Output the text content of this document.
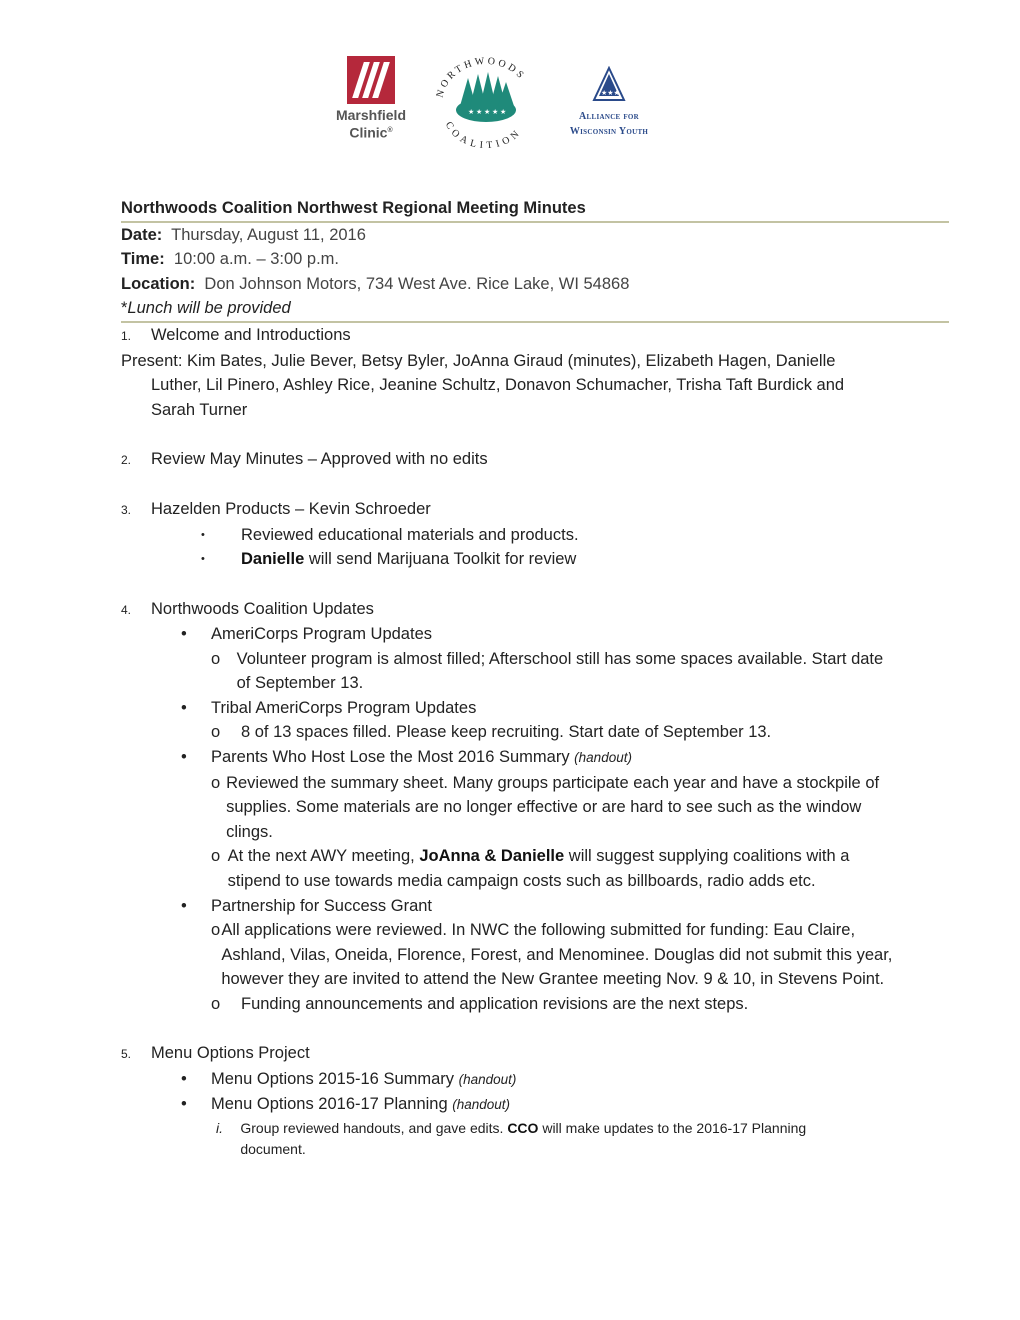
Marshfield
Clinic®
NORTHWOODS
COALITION
★ ★ ★ ★ ★
★★★
Alliance for
Wisconsin Youth
Northwoods Coalition Northwest Regional Meeting Minutes
Date: Thursday, August 11, 2016
Time: 10:00 a.m. – 3:00 p.m.
Location: Don Johnson Motors, 734 West Ave. Rice Lake, WI 54868
*Lunch will be provided
1.	Welcome and Introductions
Present: Kim Bates, Julie Bever, Betsy Byler, JoAnna Giraud (minutes), Elizabeth Hagen, Danielle Luther, Lil Pinero, Ashley Rice, Jeanine Schultz, Donavon Schumacher, Trisha Taft Burdick and Sarah Turner
2.	Review May Minutes – Approved with no edits
3.	Hazelden Products – Kevin Schroeder
•	Reviewed educational materials and products.
•	Danielle will send Marijuana Toolkit for review
4.	Northwoods Coalition Updates
•	AmeriCorps Program Updates
o Volunteer program is almost filled; Afterschool still has some spaces available. Start date of September 13.
•	Tribal AmeriCorps Program Updates
o	8 of 13 spaces filled. Please keep recruiting. Start date of September 13.
•	Parents Who Host Lose the Most 2016 Summary (handout)
o Reviewed the summary sheet. Many groups participate each year and have a stockpile of supplies. Some materials are no longer effective or are hard to see such as the window clings.
o At the next AWY meeting, JoAnna & Danielle will suggest supplying coalitions with a stipend to use towards media campaign costs such as billboards, radio adds etc.
•	Partnership for Success Grant
o All applications were reviewed. In NWC the following submitted for funding: Eau Claire, Ashland, Vilas, Oneida, Florence, Forest, and Menominee. Douglas did not submit this year, however they are invited to attend the New Grantee meeting Nov. 9 & 10, in Stevens Point.
o	Funding announcements and application revisions are the next steps.
5.	Menu Options Project
•	Menu Options 2015-16 Summary (handout)
•	Menu Options 2016-17 Planning (handout)
i.	Group reviewed handouts, and gave edits. CCO will make updates to the 2016-17 Planning document.
